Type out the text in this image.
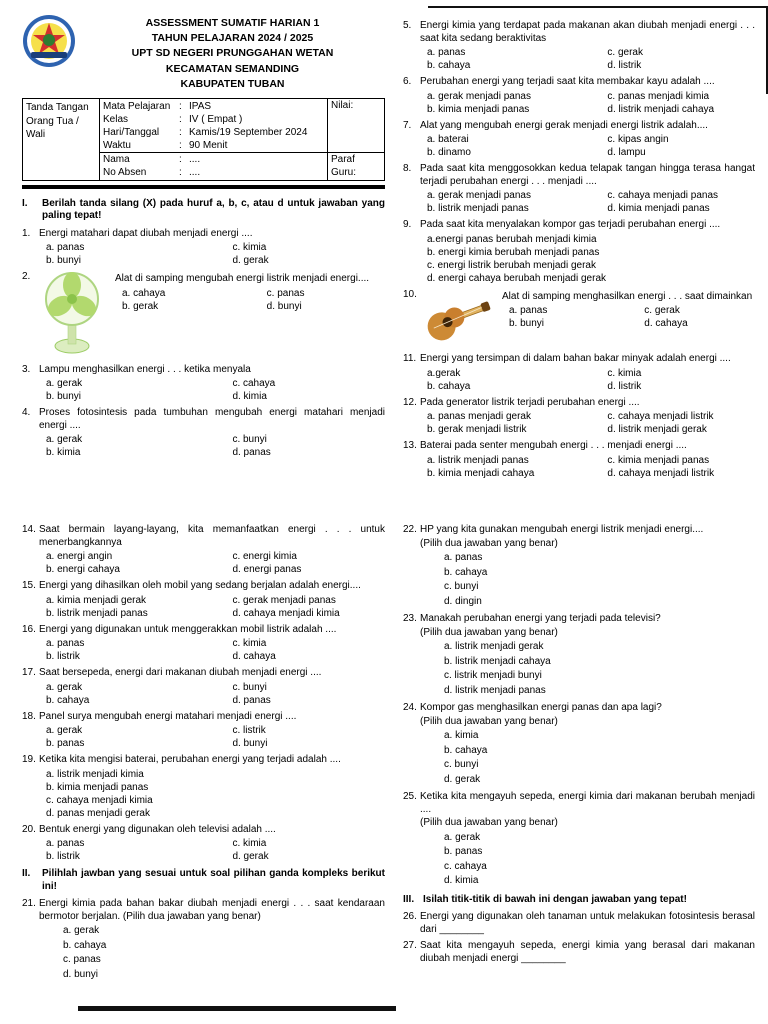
ASSESSMENT SUMATIF HARIAN 1
TAHUN PELAJARAN 2024 / 2025
UPT SD NEGERI PRUNGGAHAN WETAN
KECAMATAN SEMANDING
KABUPATEN TUBAN
Tanda Tangan
Orang Tua /
Wali
Mata Pelajaran : IPAS
Kelas	: IV ( Empat )
Hari/Tanggal	: Kamis/19 September 2024
Waktu	: 90 Menit
Nama	: ....
No Absen	: ....
Nilai:
Paraf Guru:
I.	Berilah tanda silang (X) pada huruf a, b, c, atau d untuk jawaban yang paling tepat!
1. Energi matahari dapat diubah menjadi energi ....
a. panas
b. bunyi
c. kimia
d. gerak
2.	Alat di samping mengubah energi listrik menjadi energi....
a. cahaya
b. gerak
c. panas
d. bunyi
3. Lampu menghasilkan energi . . . ketika menyala
a. gerak
b. bunyi
c. cahaya
d. kimia
4. Proses fotosintesis pada tumbuhan mengubah energi matahari menjadi energi ....
a. gerak
b. kimia
c. bunyi
d. panas
5. Energi kimia yang terdapat pada makanan akan diubah menjadi energi . . . saat kita sedang beraktivitas
a. panas
b. cahaya
c. gerak
d. listrik
6. Perubahan energi yang terjadi saat kita membakar kayu adalah ....
a. gerak menjadi panas
b. kimia menjadi panas
c. panas menjadi kimia
d. listrik menjadi cahaya
7. Alat yang mengubah energi gerak menjadi energi listrik adalah....
a. baterai
b. dinamo
c. kipas angin
d. lampu
8. Pada saat kita menggosokkan kedua telapak tangan hingga terasa hangat terjadi perubahan energi . . . menjadi ....
a. gerak menjadi panas
b. listrik menjadi panas
c. cahaya menjadi panas
d. kimia menjadi panas
9. Pada saat kita menyalakan kompor gas terjadi perubahan energi ....
a.energi panas berubah menjadi kimia
b. energi kimia berubah menjadi panas
c. energi listrik berubah menjadi gerak
d. energi cahaya berubah menjadi gerak
10.	Alat di samping menghasilkan energi . . . saat dimainkan
a. panas
b. bunyi
c. gerak
d. cahaya
11. Energi yang tersimpan di dalam bahan bakar minyak adalah energi ....
a.gerak
b. cahaya
c. kimia
d. listrik
12. Pada generator listrik terjadi perubahan energi ....
a. panas menjadi gerak
b. gerak menjadi listrik
c. cahaya menjadi listrik
d. listrik menjadi gerak
13. Baterai pada senter mengubah energi . . . menjadi energi ....
a. listrik menjadi panas
b. kimia menjadi cahaya
c. kimia menjadi panas
d. cahaya menjadi listrik
14. Saat bermain layang-layang, kita memanfaatkan energi . . . untuk menerbangkannya
a. energi angin
b. energi cahaya
c. energi kimia
d. energi panas
15. Energi yang dihasilkan oleh mobil yang sedang berjalan adalah energi....
a. kimia menjadi gerak
b. listrik menjadi panas
c. gerak menjadi panas
d. cahaya menjadi kimia
16. Energi yang digunakan untuk menggerakkan mobil listrik adalah ....
a. panas
b. listrik
c. kimia
d. cahaya
17. Saat bersepeda, energi dari makanan diubah menjadi energi ....
a. gerak
b. cahaya
c. bunyi
d. panas
18. Panel surya mengubah energi matahari menjadi energi ....
a. gerak
b. panas
c. listrik
d. bunyi
19. Ketika kita mengisi baterai, perubahan energi yang terjadi adalah ....
a. listrik menjadi kimia
b. kimia menjadi panas
c. cahaya menjadi kimia
d. panas menjadi gerak
20. Bentuk energi yang digunakan oleh televisi adalah ....
a. panas
b. listrik
c. kimia
d. gerak
II.	Pilihlah jawban yang sesuai untuk soal pilihan ganda kompleks berikut ini!
21. Energi kimia pada bahan bakar diubah menjadi energi . . . saat kendaraan bermotor berjalan. (Pilih dua jawaban yang benar)
a. gerak
b. cahaya
c. panas
d. bunyi
22. HP yang kita gunakan mengubah energi listrik menjadi energi....
(Pilih dua jawaban yang benar)
a. panas
b. cahaya
c. bunyi
d. dingin
23. Manakah perubahan energi yang terjadi pada televisi?
(Pilih dua jawaban yang benar)
a. listrik menjadi gerak
b. listrik menjadi cahaya
c. listrik menjadi bunyi
d. listrik menjadi panas
24. Kompor gas menghasilkan energi panas dan apa lagi?
(Pilih dua jawaban yang benar)
a. kimia
b. cahaya
c. bunyi
d. gerak
25. Ketika kita mengayuh sepeda, energi kimia dari makanan berubah menjadi ....
(Pilih dua jawaban yang benar)
a. gerak
b. panas
c. cahaya
d. kimia
III. Isilah titik-titik di bawah ini dengan jawaban yang tepat!
26. Energi yang digunakan oleh tanaman untuk melakukan fotosintesis berasal dari ________
27. Saat kita mengayuh sepeda, energi kimia yang berasal dari makanan diubah menjadi energi ________
